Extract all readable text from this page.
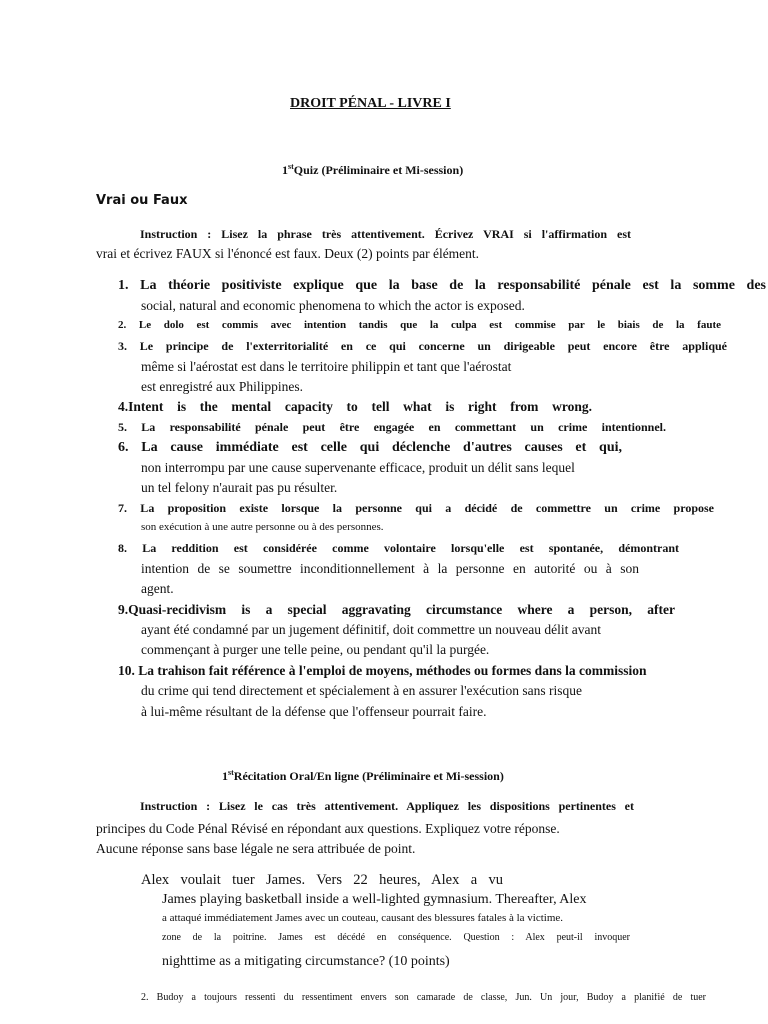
DROIT PÉNAL - LIVRE I
1stQuiz (Préliminaire et Mi-session)
Vrai ou Faux
Instruction : Lisez la phrase très attentivement. Écrivez VRAI si l'affirmation est
vrai et écrivez FAUX si l'énoncé est faux. Deux (2) points par élément.
1. La théorie positiviste explique que la base de la responsabilité pénale est la somme des
social, natural and economic phenomena to which the actor is exposed.
2. Le dolo est commis avec intention tandis que la culpa est commise par le biais de la faute
3. Le principe de l'exterritorialité en ce qui concerne un dirigeable peut encore être appliqué
même si l'aérostat est dans le territoire philippin et tant que l'aérostat
est enregistré aux Philippines.
4.Intent is the mental capacity to tell what is right from wrong.
5. La responsabilité pénale peut être engagée en commettant un crime intentionnel.
6. La cause immédiate est celle qui déclenche d'autres causes et qui,
non interrompu par une cause supervenante efficace, produit un délit sans lequel
un tel felony n'aurait pas pu résulter.
7. La proposition existe lorsque la personne qui a décidé de commettre un crime propose
son exécution à une autre personne ou à des personnes.
8. La reddition est considérée comme volontaire lorsqu'elle est spontanée, démontrant
intention de se soumettre inconditionnellement à la personne en autorité ou à son
agent.
9.Quasi-recidivism is a special aggravating circumstance where a person, after
ayant été condamné par un jugement définitif, doit commettre un nouveau délit avant
commençant à purger une telle peine, ou pendant qu'il la purgée.
10. La trahison fait référence à l'emploi de moyens, méthodes ou formes dans la commission
du crime qui tend directement et spécialement à en assurer l'exécution sans risque
à lui-même résultant de la défense que l'offenseur pourrait faire.
1stRécitation Oral/En ligne (Préliminaire et Mi-session)
Instruction : Lisez le cas très attentivement. Appliquez les dispositions pertinentes et
principes du Code Pénal Révisé en répondant aux questions. Expliquez votre réponse.
Aucune réponse sans base légale ne sera attribuée de point.
Alex voulait tuer James. Vers 22 heures, Alex a vu
James playing basketball inside a well-lighted gymnasium. Thereafter, Alex
a attaqué immédiatement James avec un couteau, causant des blessures fatales à la victime.
zone de la poitrine. James est décédé en conséquence. Question : Alex peut-il invoquer
nighttime as a mitigating circumstance? (10 points)
2. Budoy a toujours ressenti du ressentiment envers son camarade de classe, Jun. Un jour, Budoy a planifié de tuer
